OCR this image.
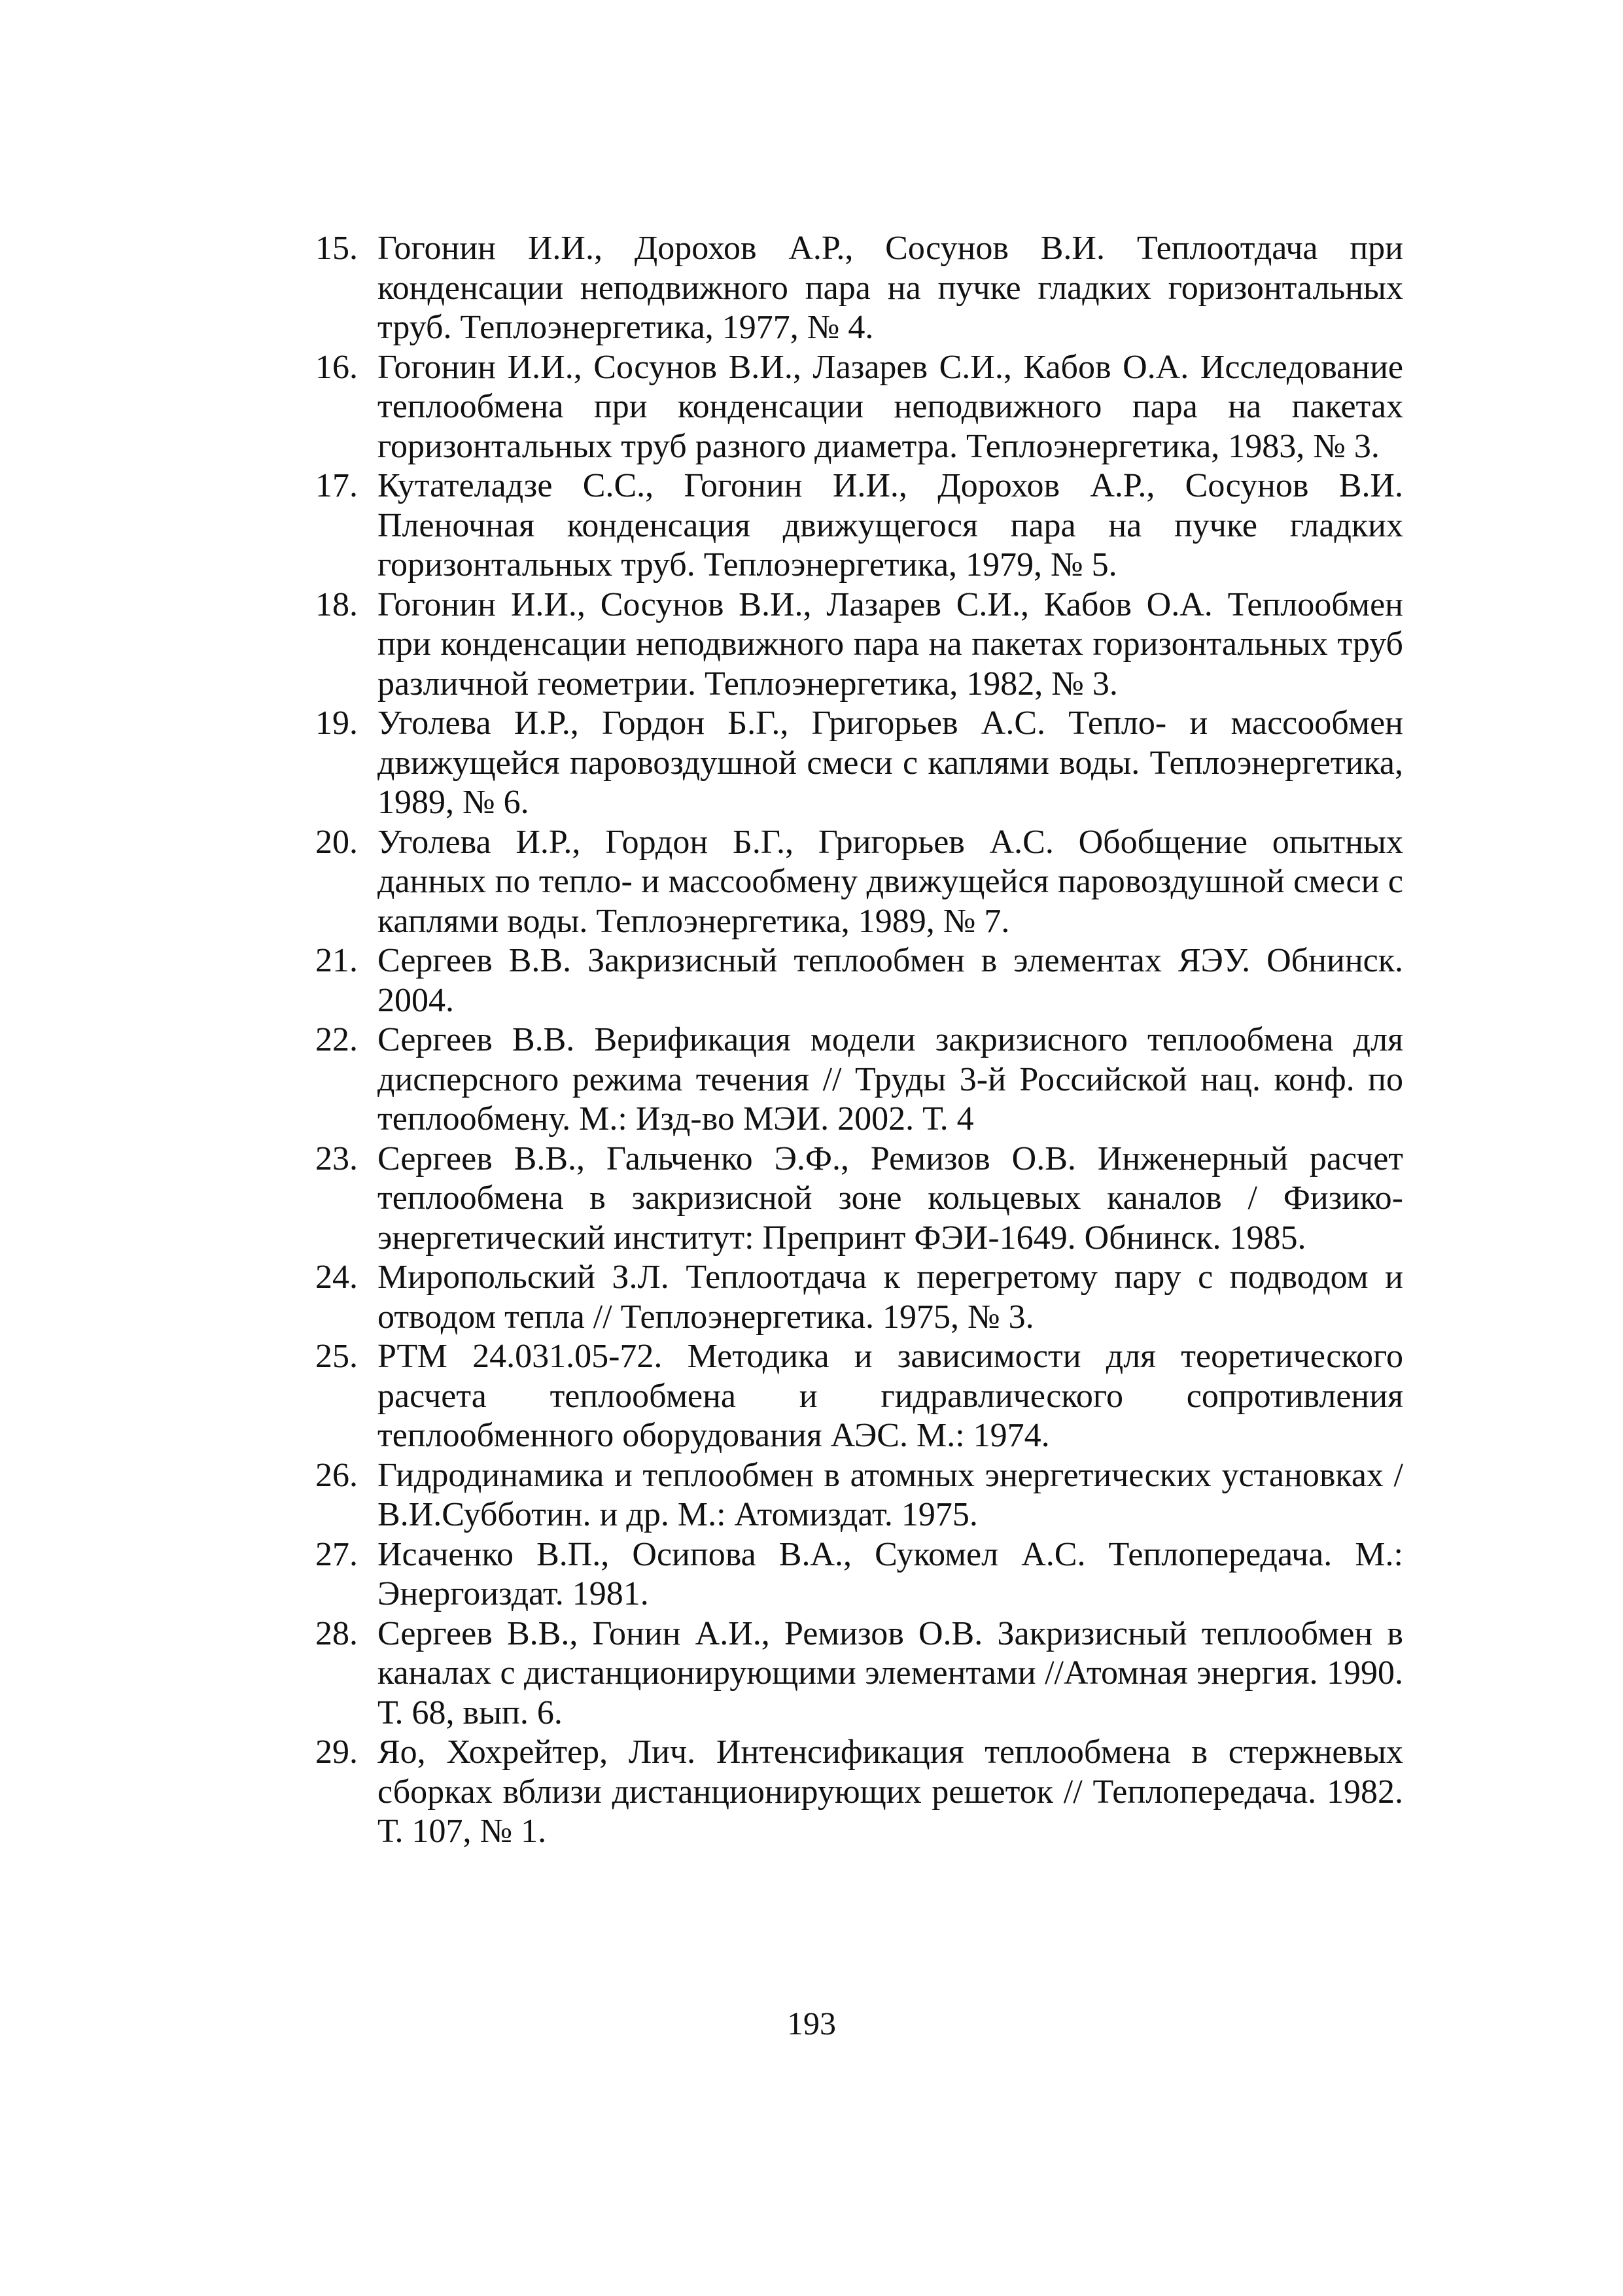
15. Гогонин И.И., Дорохов А.Р., Сосунов В.И. Теплоотдача при конденсации неподвижного пара на пучке гладких горизонтальных труб. Теплоэнергетика, 1977, № 4.
16. Гогонин И.И., Сосунов В.И., Лазарев С.И., Кабов О.А. Исследование теплообмена при конденсации неподвижного пара на пакетах горизонтальных труб разного диаметра. Теплоэнергетика, 1983, № 3.
17. Кутателадзе С.С., Гогонин И.И., Дорохов А.Р., Сосунов В.И. Пленочная конденсация движущегося пара на пучке гладких горизонтальных труб. Теплоэнергетика, 1979, № 5.
18. Гогонин И.И., Сосунов В.И., Лазарев С.И., Кабов О.А. Теплообмен при конденсации неподвижного пара на пакетах горизонтальных труб различной геометрии. Теплоэнергетика, 1982, № 3.
19. Уголева И.Р., Гордон Б.Г., Григорьев А.С. Тепло- и массообмен движущейся паровоздушной смеси с каплями воды. Теплоэнергетика, 1989, № 6.
20. Уголева И.Р., Гордон Б.Г., Григорьев А.С. Обобщение опытных данных по тепло- и массообмену движущейся паровоздушной смеси с каплями воды. Теплоэнергетика, 1989, № 7.
21. Сергеев В.В. Закризисный теплообмен в элементах ЯЭУ. Обнинск. 2004.
22. Сергеев В.В. Верификация модели закризисного теплообмена для дисперсного режима течения // Труды 3-й Российской нац. конф. по теплообмену. М.: Изд-во МЭИ. 2002. Т. 4
23. Сергеев В.В., Гальченко Э.Ф., Ремизов О.В. Инженерный расчет теплообмена в закризисной зоне кольцевых каналов / Физико-энергетический институт: Препринт ФЭИ-1649. Обнинск. 1985.
24. Миропольский З.Л. Теплоотдача к перегретому пару с подводом и отводом тепла // Теплоэнергетика. 1975, № 3.
25. РТМ 24.031.05-72. Методика и зависимости для теоретического расчета теплообмена и гидравлического сопротивления теплообменного оборудования АЭС. М.: 1974.
26. Гидродинамика и теплообмен в атомных энергетических установках / В.И.Субботин. и др. М.: Атомиздат. 1975.
27. Исаченко В.П., Осипова В.А., Сукомел А.С. Теплопередача. М.: Энергоиздат. 1981.
28. Сергеев В.В., Гонин А.И., Ремизов О.В. Закризисный теплообмен в каналах с дистанционирующими элементами //Атомная энергия. 1990. Т. 68, вып. 6.
29. Яо, Хохрейтер, Лич. Интенсификация теплообмена в стержневых сборках вблизи дистанционирующих решеток // Теплопередача. 1982. Т. 107, № 1.
193
